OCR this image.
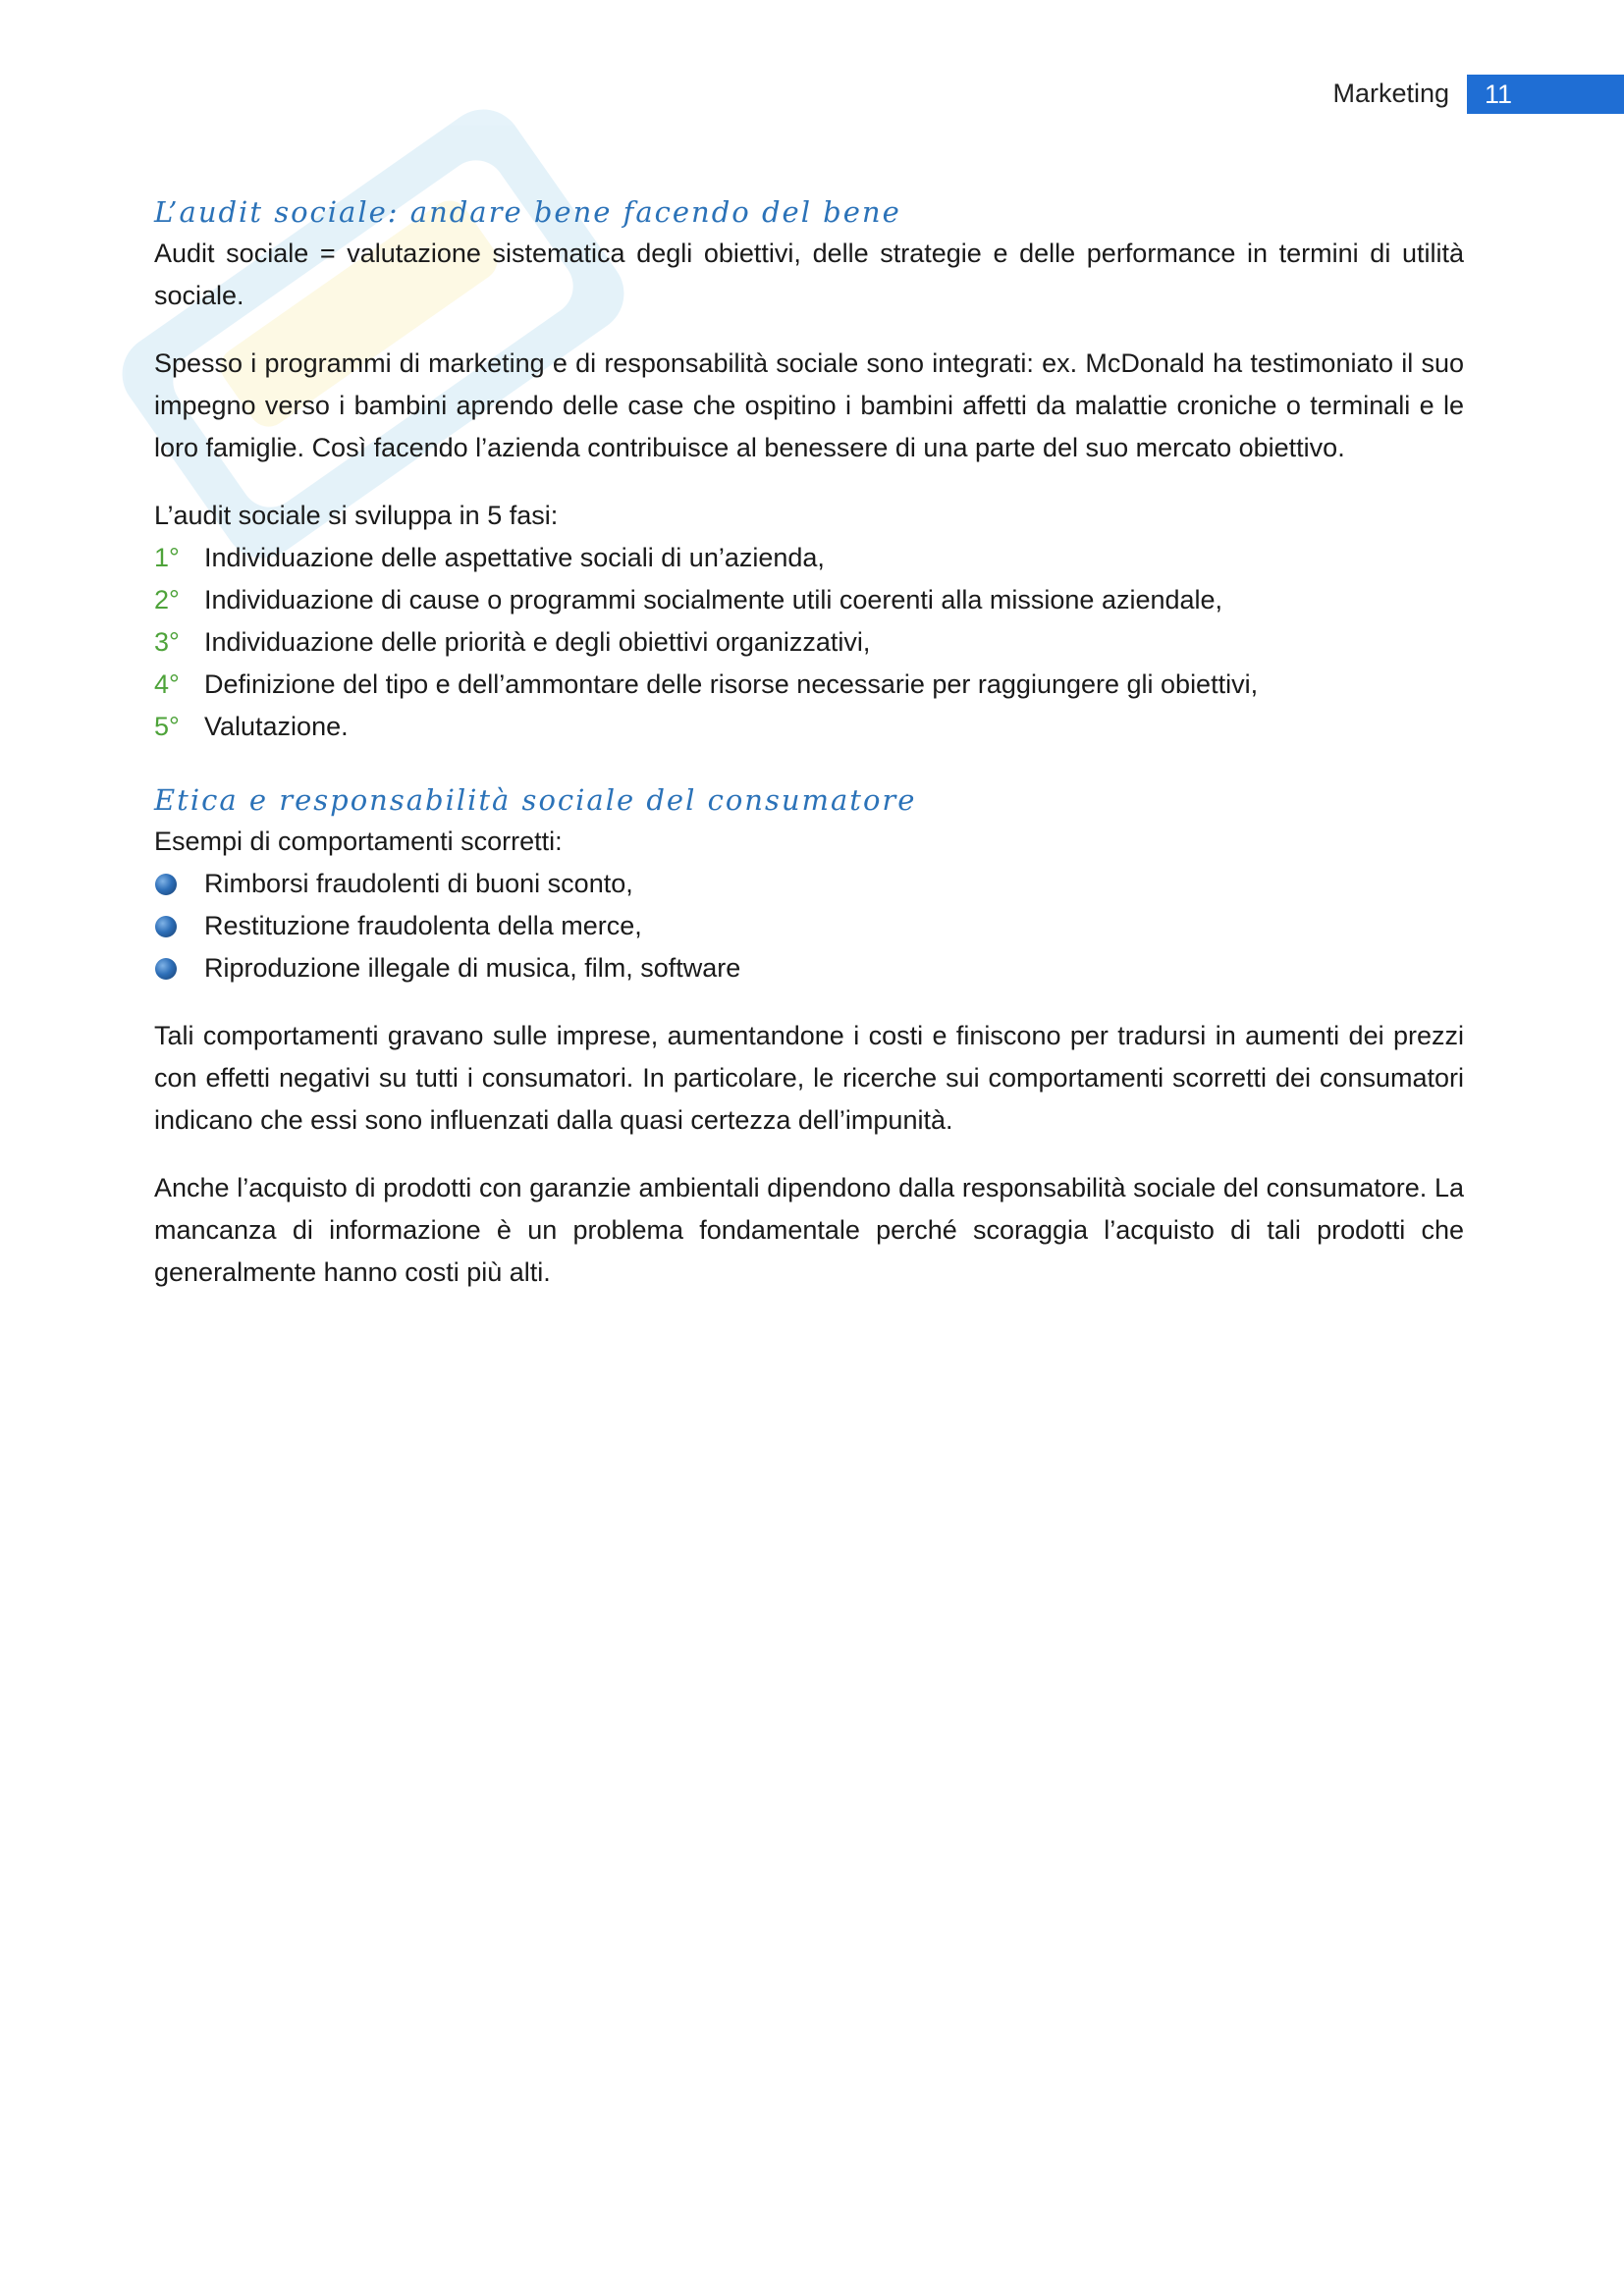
Marketing	11
L’audit sociale: andare bene facendo del bene

Audit sociale = valutazione sistematica degli obiettivi, delle strategie e delle performance in termini di utilità sociale.

Spesso i programmi di marketing e di responsabilità sociale sono integrati: ex. McDonald ha testimoniato il suo impegno verso i bambini aprendo delle case che ospitino i bambini affetti da malattie croniche o terminali e le loro famiglie. Così facendo l’azienda contribuisce al benessere di una parte del suo mercato obiettivo.

L’audit sociale si sviluppa in 5 fasi:

1° Individuazione delle aspettative sociali di un’azienda,
2° Individuazione di cause o programmi socialmente utili coerenti alla missione aziendale,
3° Individuazione delle priorità e degli obiettivi organizzativi,
4° Definizione del tipo e dell’ammontare delle risorse necessarie per raggiungere gli obiettivi,
5° Valutazione.
Etica e responsabilità sociale del consumatore

Esempi di comportamenti scorretti:

Rimborsi fraudolenti di buoni sconto,
Restituzione fraudolenta della merce,
Riproduzione illegale di musica, film, software

Tali comportamenti gravano sulle imprese, aumentandone i costi e finiscono per tradursi in aumenti dei prezzi con effetti negativi su tutti i consumatori. In particolare, le ricerche sui comportamenti scorretti dei consumatori indicano che essi sono influenzati dalla quasi certezza dell’impunità.

Anche l’acquisto di prodotti con garanzie ambientali dipendono dalla responsabilità sociale del consumatore. La mancanza di informazione è un problema fondamentale perché scoraggia l’acquisto di tali prodotti che generalmente hanno costi più alti.
